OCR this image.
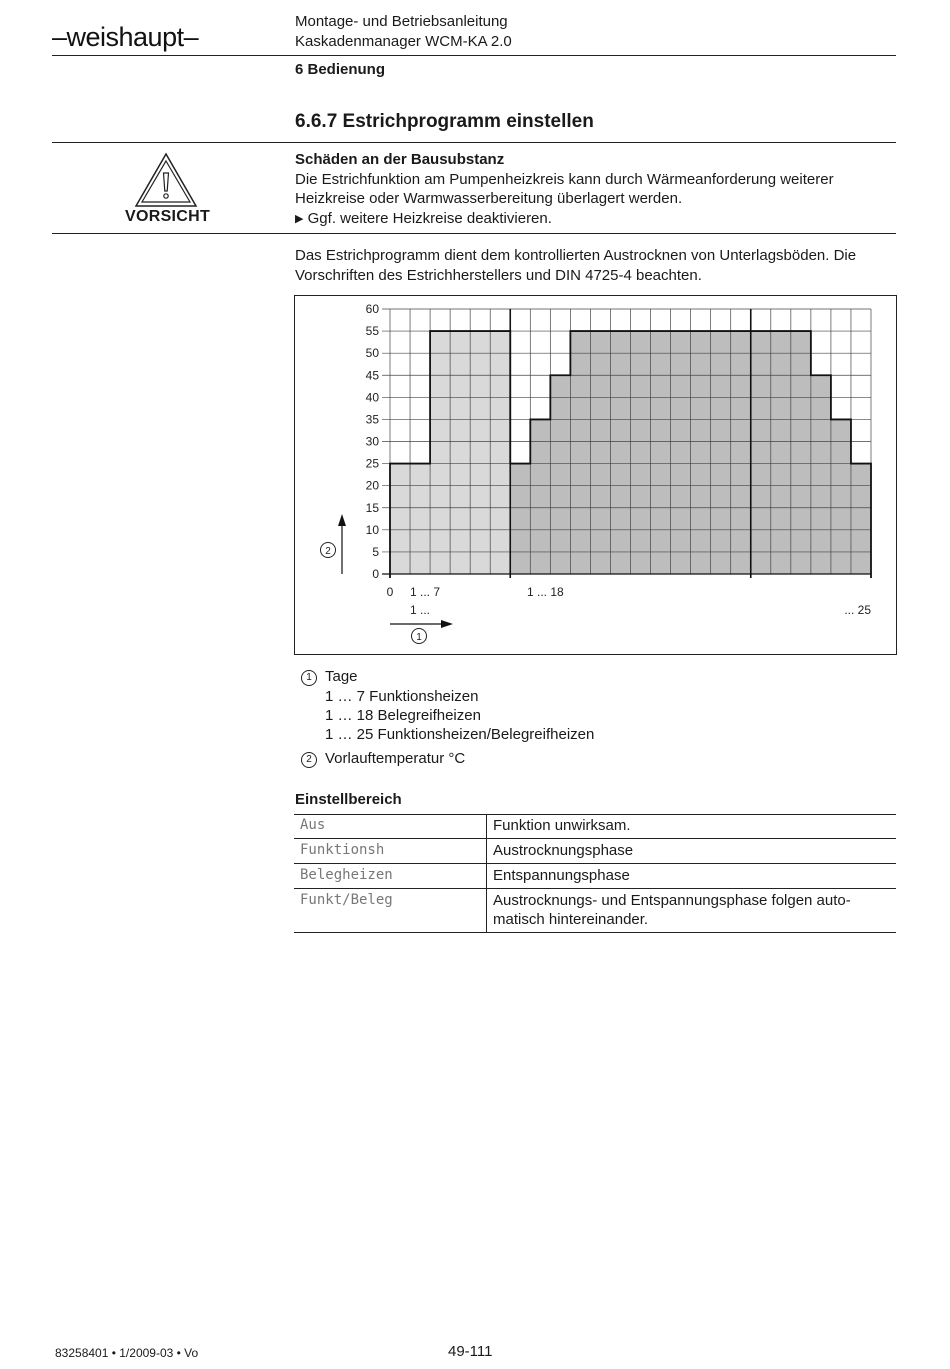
–weishaupt–
Montage- und Betriebsanleitung
Kaskadenmanager WCM-KA 2.0
6 Bedienung
6.6.7 Estrichprogramm einstellen
VORSICHT
Schäden an der Bausubstanz
Die Estrichfunktion am Pumpenheizkreis kann durch Wärmeanforderung weiterer Heizkreise oder Warmwasserbereitung überlagert werden.
▶ Ggf. weitere Heizkreise deaktivieren.
Das Estrichprogramm dient dem kontrollierten Austrocknen von Unterlagsböden. Die Vorschriften des Estrichherstellers und DIN 4725-4 beachten.
0
5
10
15
20
25
30
35
40
45
50
55
60
0 1 ... 7	1 ... 18
1 ...	... 25
1
2
1 Tage
1 … 7 Funktionsheizen
1 … 18 Belegreifheizen
1 … 25 Funktionsheizen/Belegreifheizen
2 Vorlauftemperatur °C
Einstellbereich
Aus	Funktion unwirksam.
Funktionsh	Austrocknungsphase
Belegheizen	Entspannungsphase
Funkt/Beleg	Austrocknungs- und Entspannungsphase folgen auto-matisch hintereinander.
83258401 • 1/2009-03 • Vo	49-111
